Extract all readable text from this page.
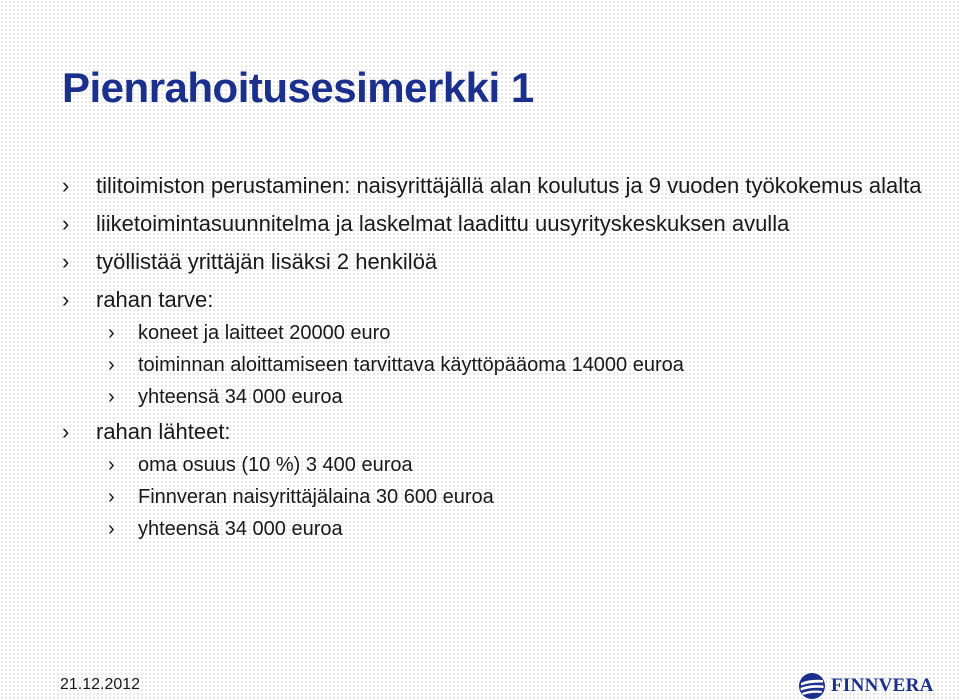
Pienrahoitusesimerkki 1
›	tilitoimiston perustaminen: naisyrittäjällä alan koulutus ja 9 vuoden työkokemus alalta
›	liiketoimintasuunnitelma ja laskelmat laadittu uusyrityskeskuksen avulla
›	työllistää yrittäjän lisäksi 2 henkilöä
›	rahan tarve:
›	koneet ja laitteet 20000 euro
›	toiminnan aloittamiseen tarvittava käyttöpääoma 14000 euroa
›	yhteensä 34 000 euroa
›	rahan lähteet:
›	oma osuus (10 %) 3 400 euroa
›	Finnveran naisyrittäjälaina 30 600 euroa
›	yhteensä 34 000 euroa
21.12.2012	FINNVERA
